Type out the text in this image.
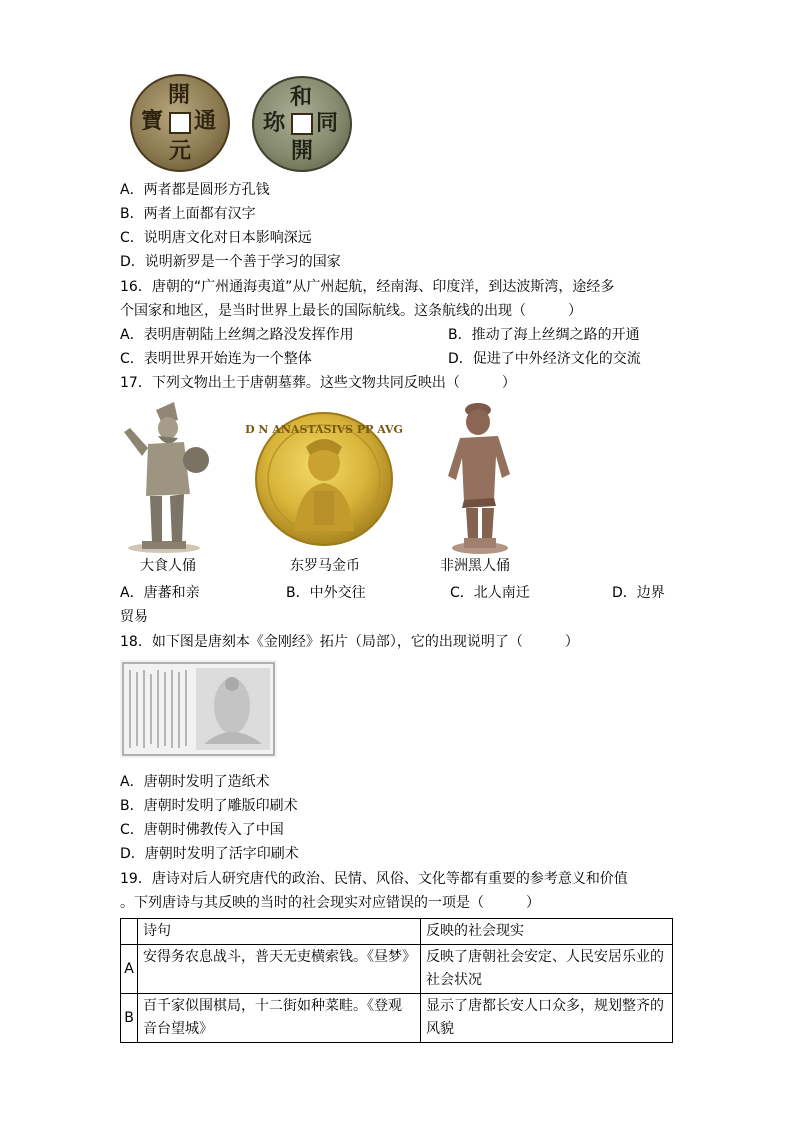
開
元
通
寶
和
同
開
珎
A．两者都是圆形方孔钱
B．两者上面都有汉字
C．说明唐文化对日本影响深远
D．说明新罗是一个善于学习的国家
16．唐朝的“广州通海夷道”从广州起航，经南海、印度洋，到达波斯湾，途经多
个国家和地区，是当时世界上最长的国际航线。这条航线的出现（　　　）
A．表明唐朝陆上丝绸之路没发挥作用	B．推动了海上丝绸之路的开通
C．表明世界开始连为一个整体	D．促进了中外经济文化的交流
17．下列文物出土于唐朝墓葬。这些文物共同反映出（　　　）
大食人俑
D N ANASTASIVS PP AVG
东罗马金币	非洲黑人俑
A．唐蕃和亲	B．中外交往	C．北人南迁	D．边界
贸易
18．如下图是唐刻本《金刚经》拓片（局部），它的出现说明了（　　　）
A．唐朝时发明了造纸术
B．唐朝时发明了雕版印刷术
C．唐朝时佛教传入了中国
D．唐朝时发明了活字印刷术
19．唐诗对后人研究唐代的政治、民情、风俗、文化等都有重要的参考意义和价值
。下列唐诗与其反映的当时的社会现实对应错误的一项是（　　　）
	诗句	反映的社会现实
A	安得务农息战斗，普天无吏横索钱。《昼梦》	反映了唐朝社会安定、人民安居乐业的社会状况
B	百千家似围棋局，十二街如种菜畦。《登观音台望城》	显示了唐都长安人口众多，规划整齐的风貌
